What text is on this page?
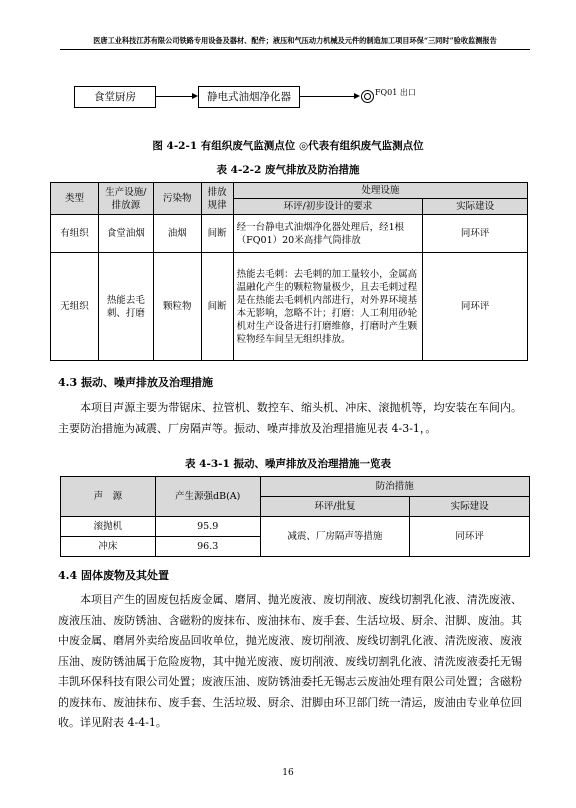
医唐工业科技江苏有限公司铁路专用设备及器材、配件；液压和气压动力机械及元件的制造加工项目环保“三同时”验收监测报告
食堂厨房	静电式油烟净化器	FQ01 出口
图 4-2-1 有组织废气监测点位 ◎代表有组织废气监测点位
表 4-2-2 废气排放及防治措施
类型	生产设施/排放源	污染物	排放规律	处理设施	
				环评/初步设计的要求	实际建设
有组织	食堂油烟	油烟	间断	经一台静电式油烟净化器处理后，经1根（FQ01）20米高排气筒排放	同环评
无组织	热能去毛刺、打磨	颗粒物	间断	热能去毛刺：去毛刺的加工量较小，金属高温融化产生的颗粒物量极少，且去毛刺过程是在热能去毛刺机内部进行，对外界环境基本无影响，忽略不计；打磨：人工利用砂轮机对生产设备进行打磨维修，打磨时产生颗粒物经车间呈无组织排放。	同环评
4.3 振动、噪声排放及治理措施
本项目声源主要为带锯床、拉管机、数控车、缩头机、冲床、滚抛机等，均安装在车间内。主要防治措施为减震、厂房隔声等。振动、噪声排放及治理措施见表 4-3-1，。
表 4-3-1 振动、噪声排放及治理措施一览表
声　源	产生源强dB(A)	防治措施	
		环评/批复	实际建设
滚抛机	95.9	减震、厂房隔声等措施	同环评
冲床	96.3		
4.4 固体废物及其处置
本项目产生的固废包括废金属、磨屑、抛光废液、废切削液、废线切割乳化液、清洗废液、废液压油、废防锈油、含磁粉的废抹布、废油抹布、废手套、生活垃圾、厨余、泔脚、废油。其中废金属、磨屑外卖给废品回收单位，抛光废液、废切削液、废线切割乳化液、清洗废液、废液压油、废防锈油属于危险废物，其中抛光废液、废切削液、废线切割乳化液、清洗废液委托无锡丰凯环保科技有限公司处置；废液压油、废防锈油委托无锡志云废油处理有限公司处置；含磁粉的废抹布、废油抹布、废手套、生活垃圾、厨余、泔脚由环卫部门统一清运，废油由专业单位回收。详见附表 4-4-1。
16
